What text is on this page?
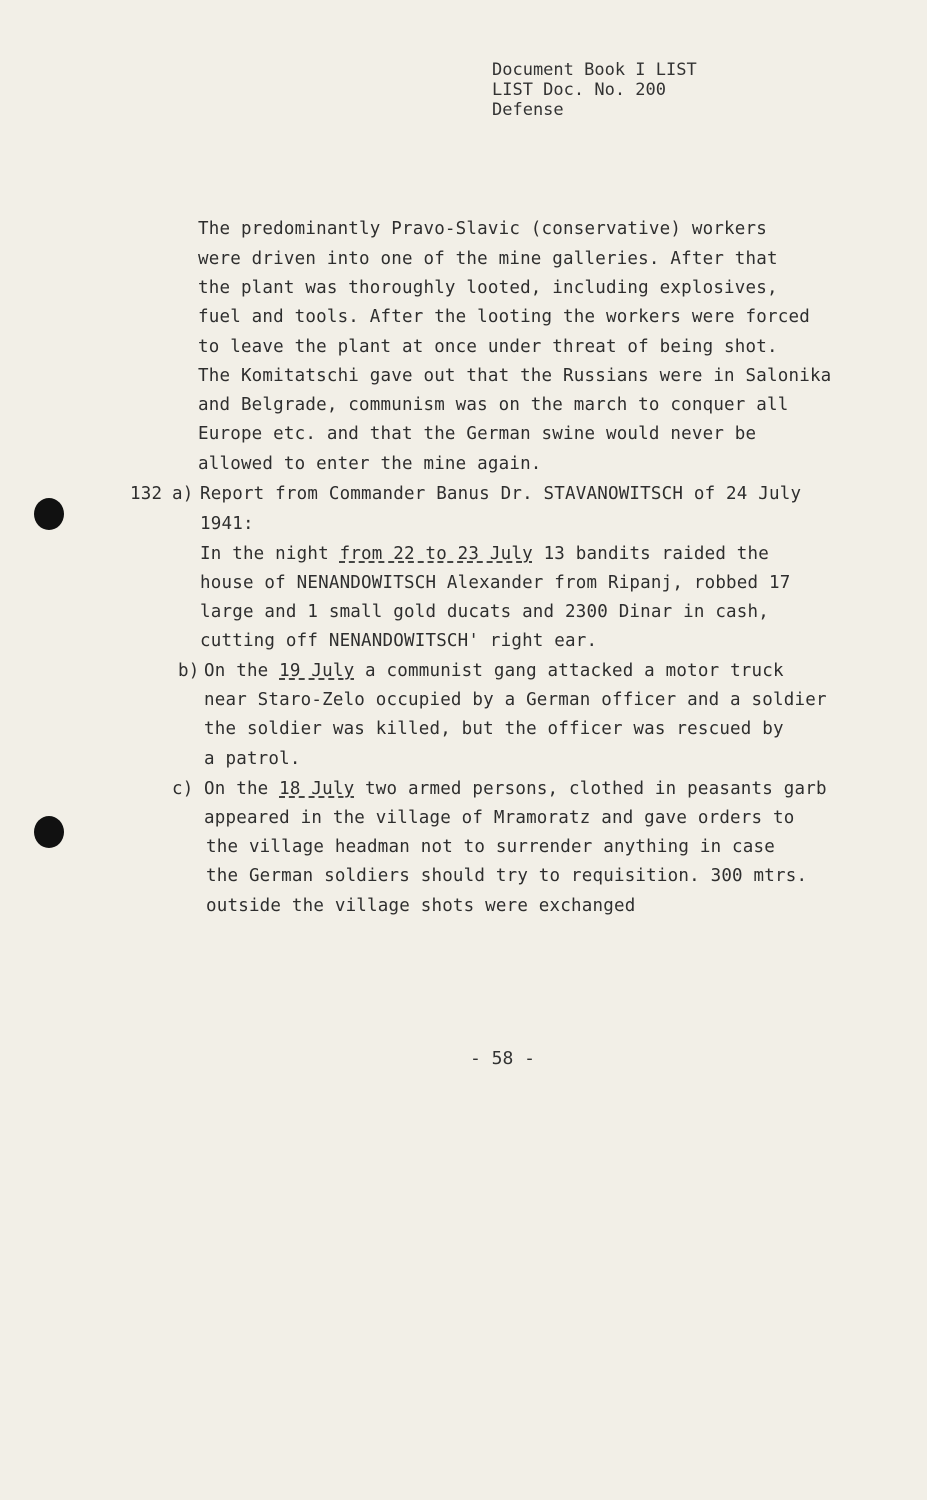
Document Book I LIST
LIST Doc. No. 200
Defense
The predominantly Pravo-Slavic (conservative) workers
were driven into one of the mine galleries. After that
the plant was thoroughly looted, including explosives,
fuel and tools. After the looting the workers were forced
to leave the plant at once under threat of being shot.
The Komitatschi gave out that the Russians were in Salonika
and Belgrade, communism was on the march to conquer all
Europe etc. and that the German swine would never be
allowed to enter the mine again.
132 a) Report from Commander Banus Dr. STAVANOWITSCH of 24 July
1941:
In the night from 22 to 23 July 13 bandits raided the
house of NENANDOWITSCH Alexander from Ripanj, robbed 17
large and 1 small gold ducats and 2300 Dinar in cash,
cutting off NENANDOWITSCH' right ear.
b) On the 19 July a communist gang attacked a motor truck
near Staro-Zelo occupied by a German officer and a soldier
the soldier was killed, but the officer was rescued by
a patrol.
c) On the 18 July two armed persons, clothed in peasants garb
appeared in the village of Mramoratz and gave orders to
the village headman not to surrender anything in case
the German soldiers should try to requisition. 300 mtrs.
outside the village shots were exchanged
- 58 -
